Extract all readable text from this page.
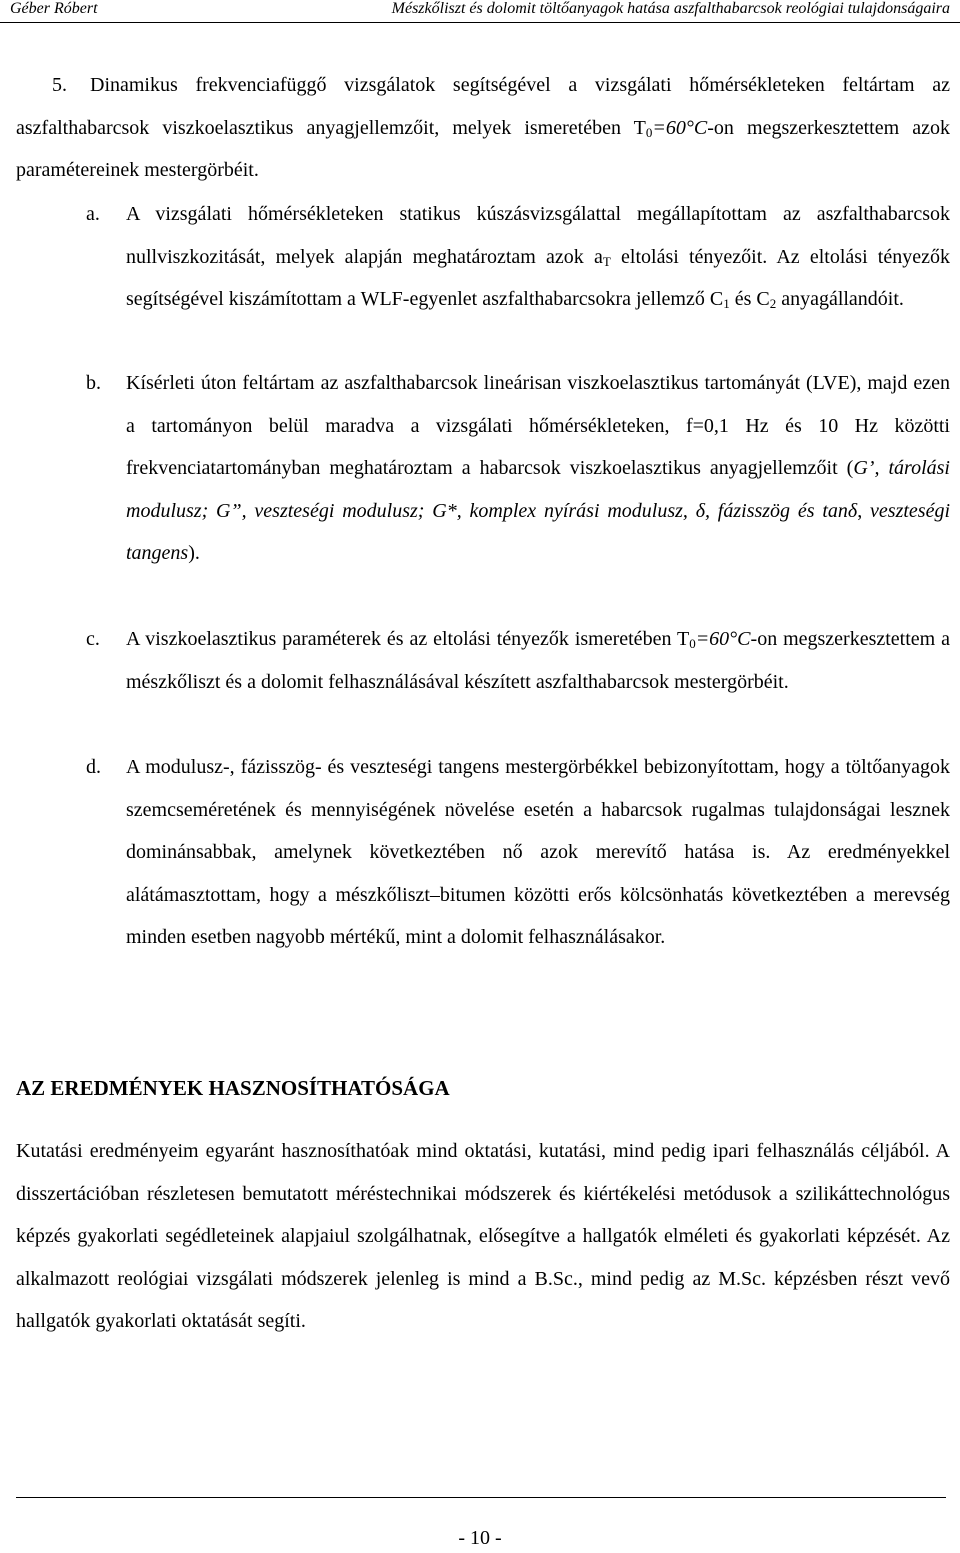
Géber Róbert	Mészkőliszt és dolomit töltőanyagok hatása aszfalthabarcsok reológiai tulajdonságaira
5.	Dinamikus frekvenciafüggő vizsgálatok segítségével a vizsgálati hőmérsékleteken feltártam az aszfalthabarcsok viszkoelasztikus anyagjellemzőit, melyek ismeretében $T_0=60^\circ C-on$ megszerkesztettem azok paramétereinek mestergörbéit.

a. A vizsgálati hőmérsékleteken statikus kúszásvizsgálattal megállapítottam az aszfalthabarcsok nullviszkozitását, melyek alapján meghatároztam azok $a_T$ eltolási tényezőit. Az eltolási tényezők segítségével kiszámítottam a WLF-egyenlet aszfalthabarcsokra jellemző $C_1$ és $C_2$ anyagállandóit.

b. Kísérleti úton feltártam az aszfalthabarcsok lineárisan viszkoelasztikus tartományát (LVE), majd ezen a tartományon belül maradva a vizsgálati hőmérsékleteken, f=0,1 Hz és 10 Hz közötti frekvenciatartományban meghatároztam a habarcsok viszkoelasztikus anyagjellemzőit (G’, tárolási modulusz; G”, veszteségi modulusz; G*, komplex nyírási modulusz, δ, fázisszög és tanδ, veszteségi tangens).

c. A viszkoelasztikus paraméterek és az eltolási tényezők ismeretében $T_0=60^\circ C-on$ megszerkesztettem a mészkőliszt és a dolomit felhasználásával készített aszfalthabarcsok mestergörbéit.

d. A modulusz-, fázisszög- és veszteségi tangens mestergörbékkel bebizonyítottam, hogy a töltőanyagok szemcseméretének és mennyiségének növelése esetén a habarcsok rugalmas tulajdonságai lesznek dominánsabbak, amelynek következtében nő azok merevítő hatása is. Az eredményekkel alátámasztottam, hogy a mészkőliszt–bitumen közötti erős kölcsönhatás következtében a merevség minden esetben nagyobb mértékű, mint a dolomit felhasználásakor.

AZ EREDMÉNYEK HASZNOSÍTHATÓSÁGA

Kutatási eredményeim egyaránt hasznosíthatóak mind oktatási, kutatási, mind pedig ipari felhasználás céljából. A disszertációban részletesen bemutatott méréstechnikai módszerek és kiértékelési metódusok a szilikáttechnológus képzés gyakorlati segédleteinek alapjaiul szolgálhatnak, elősegítve a hallgatók elméleti és gyakorlati képzését. Az alkalmazott reológiai vizsgálati módszerek jelenleg is mind a B.Sc., mind pedig az M.Sc. képzésben részt vevő hallgatók gyakorlati oktatását segíti.

- 10 -
